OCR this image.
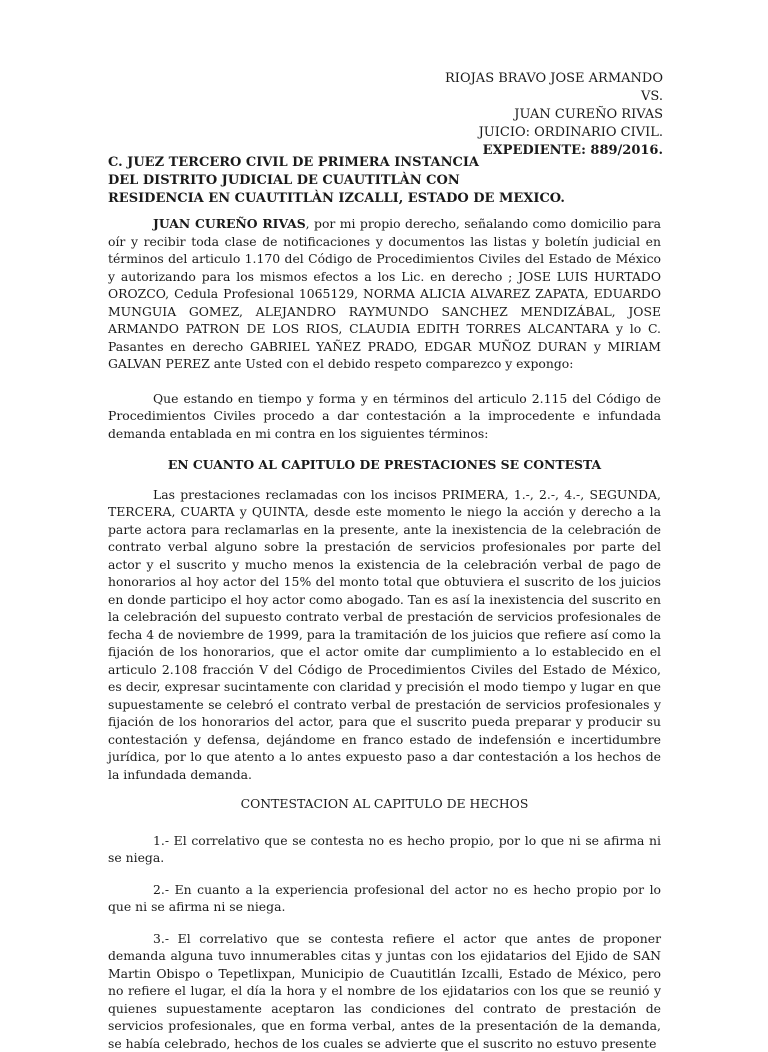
RIOJAS BRAVO JOSE ARMANDO
VS.
JUAN CUREÑO RIVAS
JUICIO: ORDINARIO CIVIL.
EXPEDIENTE: 889/2016.
C. JUEZ TERCERO CIVIL DE PRIMERA INSTANCIA
DEL DISTRITO JUDICIAL DE CUAUTITLÀN CON
RESIDENCIA EN CUAUTITLÀN IZCALLI, ESTADO DE MEXICO.

JUAN CUREÑO RIVAS, por mi propio derecho, señalando como domicilio para oír y recibir toda clase de notificaciones y documentos las listas y boletín judicial en términos del articulo 1.170 del Código de Procedimientos Civiles del Estado de México y autorizando para los mismos efectos a los Lic. en derecho ; JOSE LUIS HURTADO OROZCO, Cedula Profesional 1065129, NORMA ALICIA ALVAREZ ZAPATA, EDUARDO MUNGUIA GOMEZ, ALEJANDRO RAYMUNDO SANCHEZ MENDIZÁBAL, JOSE ARMANDO PATRON DE LOS RIOS, CLAUDIA EDITH TORRES ALCANTARA y lo C. Pasantes en derecho GABRIEL YAÑEZ PRADO, EDGAR MUÑOZ DURAN y MIRIAM GALVAN PEREZ ante Usted con el debido respeto comparezco y expongo:

Que estando en tiempo y forma y en términos del articulo 2.115 del Código de Procedimientos Civiles procedo a dar contestación a la improcedente e infundada demanda entablada en mi contra en los siguientes términos:

EN CUANTO AL CAPITULO DE PRESTACIONES SE CONTESTA

Las prestaciones reclamadas con los incisos PRIMERA, 1.-, 2.-, 4.-, SEGUNDA, TERCERA, CUARTA y QUINTA, desde este momento le niego la acción y derecho a la parte actora para reclamarlas en la presente, ante la inexistencia de la celebración de contrato verbal alguno sobre la prestación de servicios profesionales por parte del actor y el suscrito y mucho menos la existencia de la celebración verbal de pago de honorarios al hoy actor del 15% del monto total que obtuviera el suscrito de los juicios en donde participo el hoy actor como abogado. Tan es así la inexistencia del suscrito en la celebración del supuesto contrato verbal de prestación de servicios profesionales de fecha 4 de noviembre de 1999, para la tramitación de los juicios que refiere así como la fijación de los honorarios, que el actor omite dar cumplimiento a lo establecido en el articulo 2.108 fracción V del Código de Procedimientos Civiles del Estado de México, es decir, expresar sucintamente con claridad y precisión el modo tiempo y lugar en que supuestamente se celebró el contrato verbal de prestación de servicios profesionales y fijación de los honorarios del actor, para que el suscrito pueda preparar y producir su contestación y defensa, dejándome en franco estado de indefensión e incertidumbre jurídica, por lo que atento a lo antes expuesto paso a dar contestación a los hechos de la infundada demanda.

CONTESTACION AL CAPITULO DE HECHOS

1.- El correlativo que se contesta no es hecho propio, por lo que ni se afirma ni se niega.

2.- En cuanto a la experiencia profesional del actor no es hecho propio por lo que ni se afirma ni se niega.

3.- El correlativo que se contesta refiere el actor que antes de proponer demanda alguna tuvo innumerables citas y juntas con los ejidatarios del Ejido de SAN Martin Obispo o Tepetlixpan, Municipio de Cuautitlán Izcalli, Estado de México, pero no refiere el lugar, el día la hora y el nombre de los ejidatarios con los que se reunió y quienes supuestamente aceptaron las condiciones del contrato de prestación de servicios profesionales, que en forma verbal, antes de la presentación de la demanda, se había celebrado, hechos de los cuales se advierte que el suscrito no estuvo presente
